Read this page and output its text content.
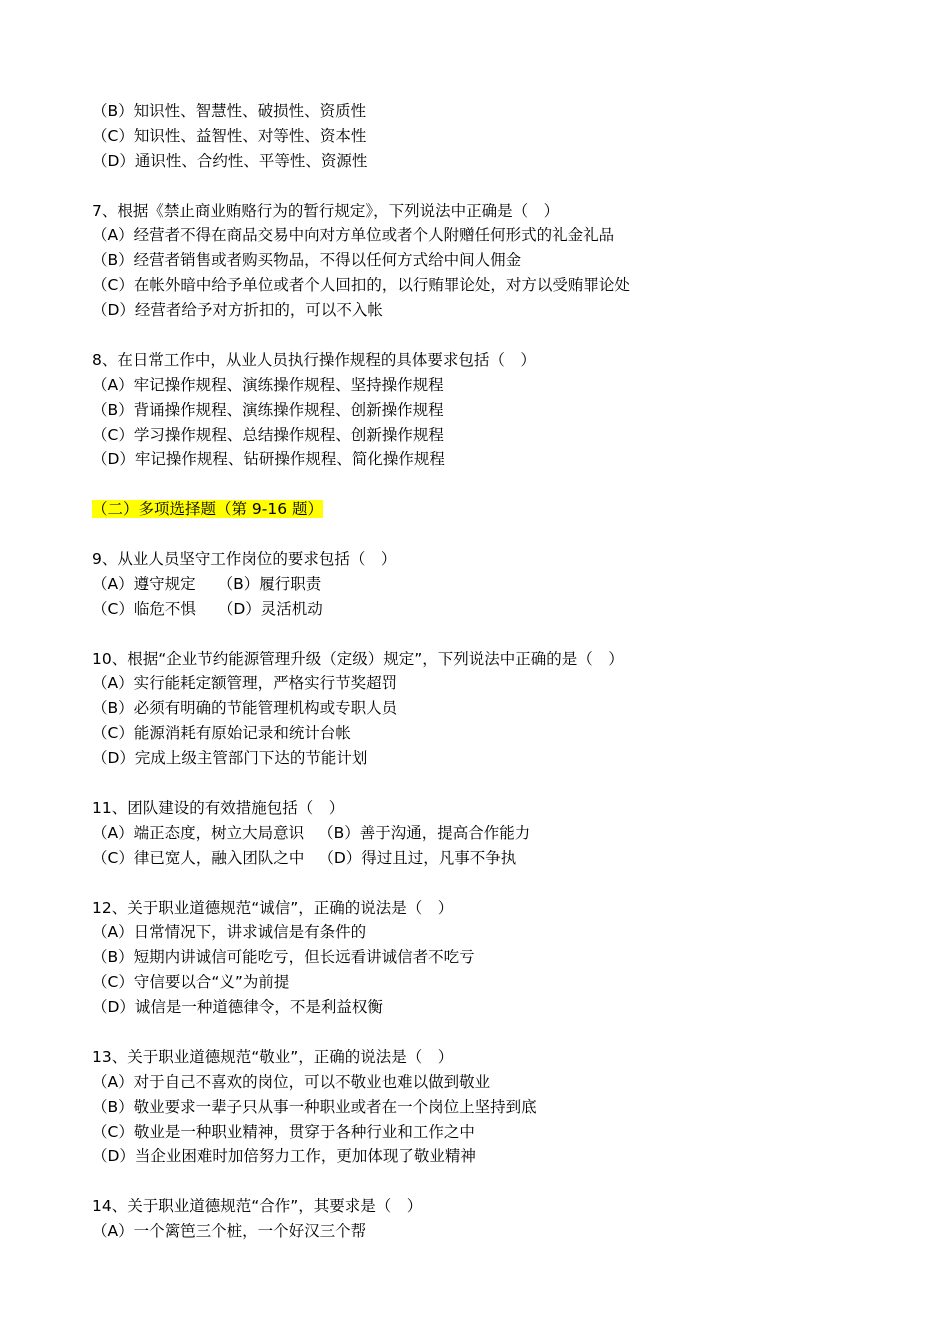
（B）知识性、智慧性、破损性、资质性
（C）知识性、益智性、对等性、资本性
（D）通识性、合约性、平等性、资源性
7、根据《禁止商业贿赂行为的暂行规定》，下列说法中正确是（　）
（A）经营者不得在商品交易中向对方单位或者个人附赠任何形式的礼金礼品
（B）经营者销售或者购买物品，不得以任何方式给中间人佣金
（C）在帐外暗中给予单位或者个人回扣的，以行贿罪论处，对方以受贿罪论处
（D）经营者给予对方折扣的，可以不入帐
8、在日常工作中，从业人员执行操作规程的具体要求包括（　）
（A）牢记操作规程、演练操作规程、坚持操作规程
（B）背诵操作规程、演练操作规程、创新操作规程
（C）学习操作规程、总结操作规程、创新操作规程
（D）牢记操作规程、钻研操作规程、简化操作规程
（二）多项选择题（第 9-16 题）
9、从业人员坚守工作岗位的要求包括（　）
（A）遵守规定 （B）履行职责
（C）临危不惧 （D）灵活机动
10、根据“企业节约能源管理升级（定级）规定”，下列说法中正确的是（　）
（A）实行能耗定额管理，严格实行节奖超罚
（B）必须有明确的节能管理机构或专职人员
（C）能源消耗有原始记录和统计台帐
（D）完成上级主管部门下达的节能计划
11、团队建设的有效措施包括（　）
（A）端正态度，树立大局意识 （B）善于沟通，提高合作能力
（C）律已宽人，融入团队之中 （D）得过且过，凡事不争执
12、关于职业道德规范“诚信”，正确的说法是（　）
（A）日常情况下，讲求诚信是有条件的
（B）短期内讲诚信可能吃亏，但长远看讲诚信者不吃亏
（C）守信要以合“义”为前提
（D）诚信是一种道德律令，不是利益权衡
13、关于职业道德规范“敬业”，正确的说法是（　）
（A）对于自己不喜欢的岗位，可以不敬业也难以做到敬业
（B）敬业要求一辈子只从事一种职业或者在一个岗位上坚持到底
（C）敬业是一种职业精神，贯穿于各种行业和工作之中
（D）当企业困难时加倍努力工作，更加体现了敬业精神
14、关于职业道德规范“合作”，其要求是（　）
（A）一个篱笆三个桩，一个好汉三个帮
